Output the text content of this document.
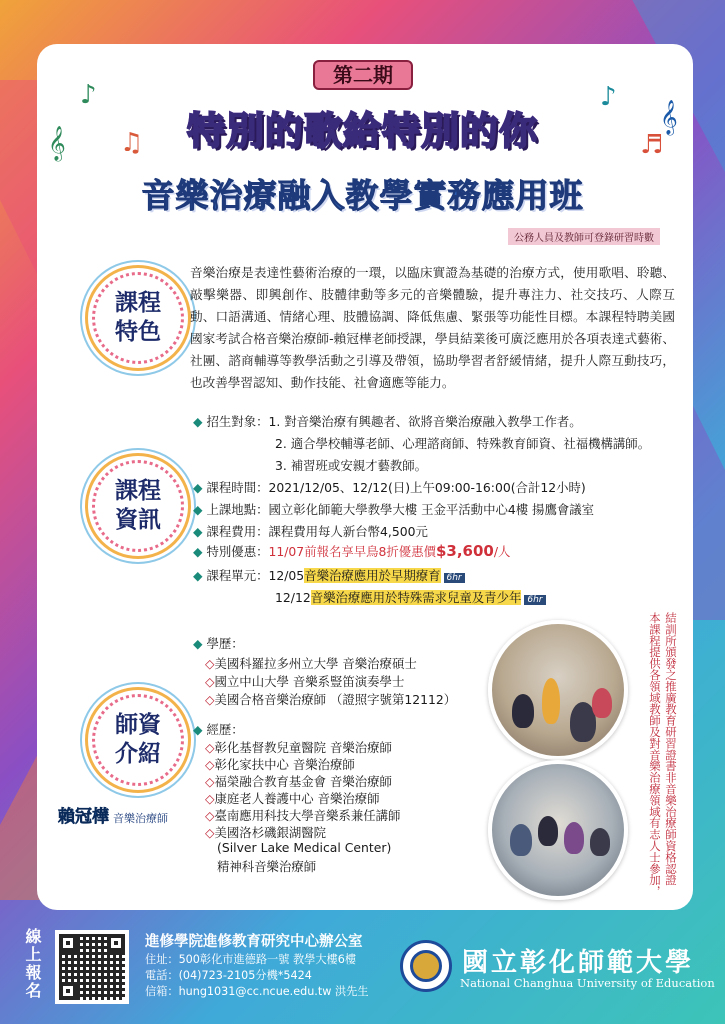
♪
♫
♪
♬
𝄞
𝄞
第二期
特別的歌給特別的你
音樂治療融入教學實務應用班
公務人員及教師可登錄研習時數
課程
特色
音樂治療是表達性藝術治療的一環，以臨床實證為基礎的治療方式，使用歌唱、聆聽、敲擊樂器、即興創作、肢體律動等多元的音樂體驗，提升專注力、社交技巧、人際互動、口語溝通、情緒心理、肢體協調、降低焦慮、緊張等功能性目標。本課程特聘美國國家考試合格音樂治療師-賴冠樺老師授課，學員結業後可廣泛應用於各項表達式藝術、社團、諮商輔導等教學活動之引導及帶領，協助學習者舒緩情緒，提升人際互動技巧，也改善學習認知、動作技能、社會適應等能力。
課程
資訊
◆ 招生對象：1. 對音樂治療有興趣者、欲將音樂治療融入教學工作者。
2. 適合學校輔導老師、心理諮商師、特殊教育師資、社福機構講師。
3. 補習班或安親才藝教師。
◆ 課程時間：2021/12/05、12/12(日)上午09:00-16:00(合計12小時)
◆ 上課地點：國立彰化師範大學教學大樓 王金平活動中心4樓 揚鷹會議室
◆ 課程費用：課程費用每人新台幣4,500元
◆ 特別優惠：11/07前報名享早鳥8折優惠價$3,600/人
◆ 課程單元：12/05音樂治療應用於早期療育 6hr
12/12音樂治療應用於特殊需求兒童及青少年 6hr
師資
介紹
◆ 學歷：
◇美國科羅拉多州立大學 音樂治療碩士
◇國立中山大學 音樂系豎笛演奏學士
◇美國合格音樂治療師 （證照字號第12112）
◆ 經歷：
◇彰化基督教兒童醫院 音樂治療師
◇彰化家扶中心 音樂治療師
◇福榮融合教育基金會 音樂治療師
◇康庭老人養護中心 音樂治療師
◇臺南應用科技大學音樂系兼任講師
◇美國洛杉磯銀湖醫院
(Silver Lake Medical Center)
精神科音樂治療師
賴冠樺 音樂治療師	本課程提供各領域教師及對音樂治療領域有志人士參加， 結訓所頒發之推廣教育研習證書非音樂治療師資格認證
線上報名	進修學院進修教育研究中心辦公室
住址：500彰化市進德路一號 教學大樓6樓
電話：(04)723-2105分機*5424
信箱：hung1031@cc.ncue.edu.tw 洪先生
國立彰化師範大學
National Changhua University of Education
